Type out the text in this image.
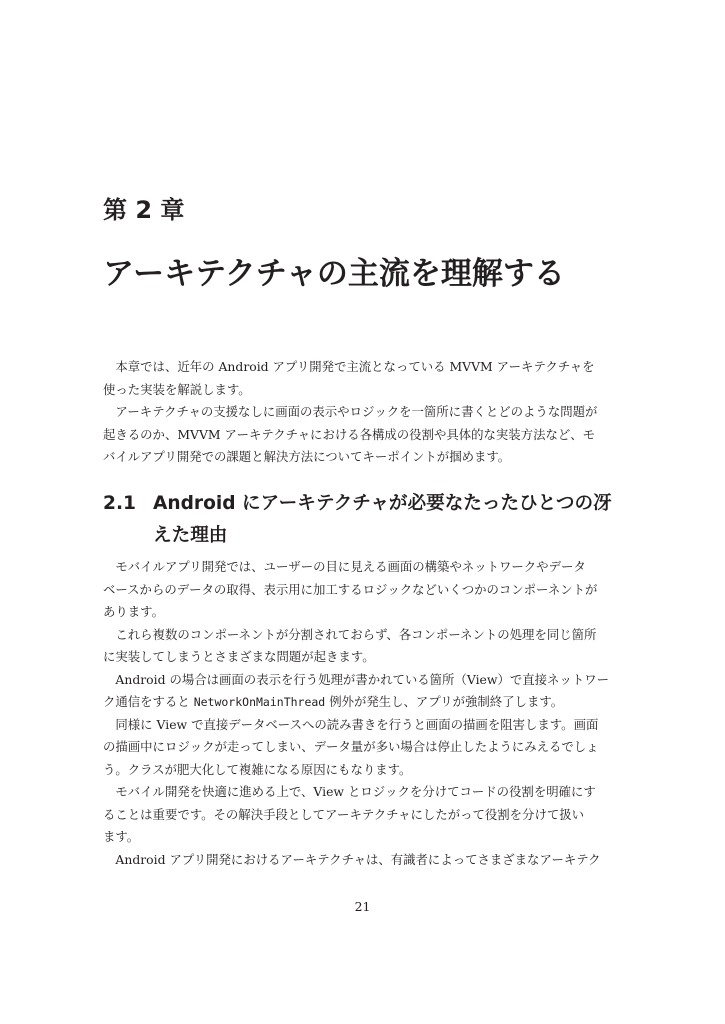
第 2 章
アーキテクチャの主流を理解する

本章では、近年の Android アプリ開発で主流となっている MVVM アーキテクチャを
使った実装を解説します。

アーキテクチャの支援なしに画面の表示やロジックを一箇所に書くとどのような問題が
起きるのか、MVVM アーキテクチャにおける各構成の役割や具体的な実装方法など、モ
バイルアプリ開発での課題と解決方法についてキーポイントが掴めます。

2.1 Android にアーキテクチャが必要なたったひとつの冴
えた理由

モバイルアプリ開発では、ユーザーの目に見える画面の構築やネットワークやデータ
ベースからのデータの取得、表示用に加工するロジックなどいくつかのコンポーネントが
あります。

これら複数のコンポーネントが分割されておらず、各コンポーネントの処理を同じ箇所
に実装してしまうとさまざまな問題が起きます。

Android の場合は画面の表示を行う処理が書かれている箇所（View）で直接ネットワー
ク通信をすると NetworkOnMainThread 例外が発生し、アプリが強制終了します。

同様に View で直接データベースへの読み書きを行うと画面の描画を阻害します。画面
の描画中にロジックが走ってしまい、データ量が多い場合は停止したようにみえるでしょ
う。クラスが肥大化して複雑になる原因にもなります。

モバイル開発を快適に進める上で、View とロジックを分けてコードの役割を明確にす
ることは重要です。その解決手段としてアーキテクチャにしたがって役割を分けて扱い
ます。

Android アプリ開発におけるアーキテクチャは、有識者によってさまざまなアーキテク

21
